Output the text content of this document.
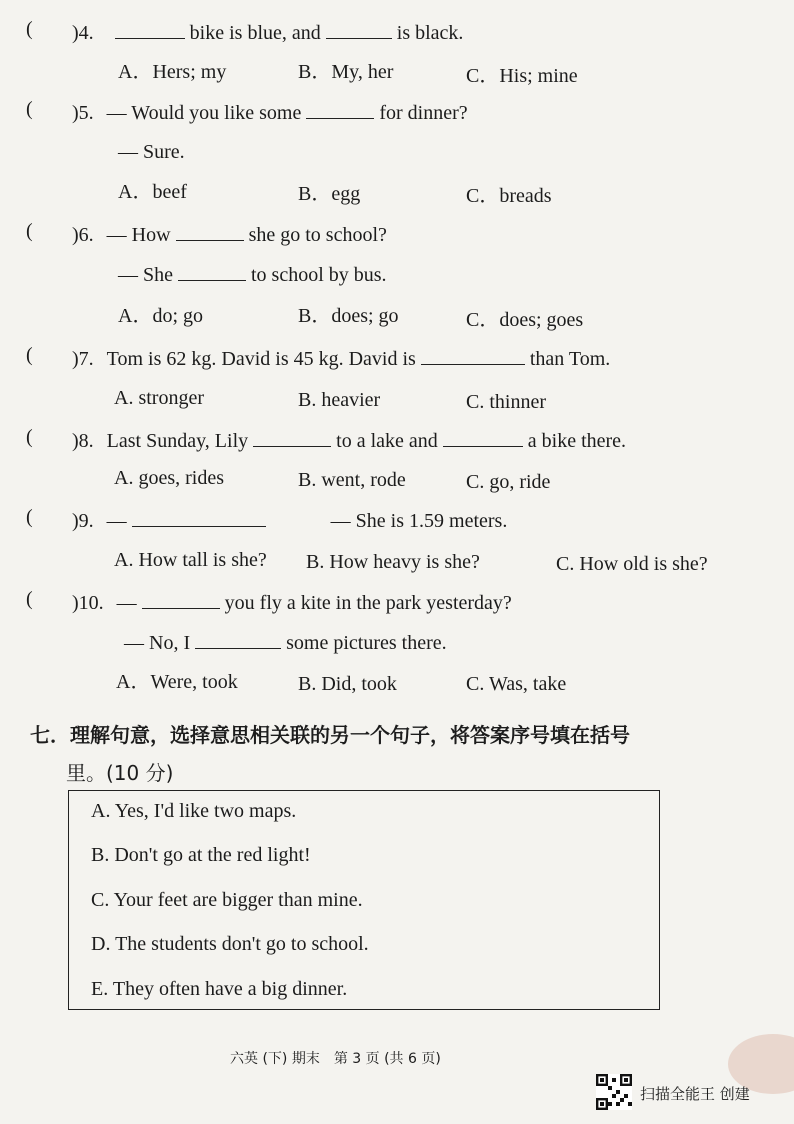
(	)4.	bike is blue, and	is black.
A．Hers; my	B．My, her	C．His; mine
(	)5. — Would you like some	for dinner?
— Sure.
A．beef	B．egg	C．breads
(	)6. — How	she go to school?
— She	to school by bus.
A．do; go	B．does; go	C．does; goes
(	)7. Tom is 62 kg. David is 45 kg. David is	than Tom.
A. stronger	B. heavier	C. thinner
(	)8. Last Sunday, Lily	to a lake and	a bike there.
A. goes, rides	B. went, rode	C. go, ride
(	)9. —	— She is 1.59 meters.
A. How tall is she? B. How heavy is she?	C. How old is she?
(	)10. —	you fly a kite in the park yesterday?
— No, I	some pictures there.
A．Were, took	B. Did, took	C. Was, take
七．理解句意，选择意思相关联的另一个句子，将答案序号填在括号
里。(10 分)
A. Yes, I'd like two maps.
B. Don't go at the red light!
C. Your feet are bigger than mine.
D. The students don't go to school.
E. They often have a big dinner.
六英 (下) 期末　第 3 页 (共 6 页)
扫描全能王 创建
